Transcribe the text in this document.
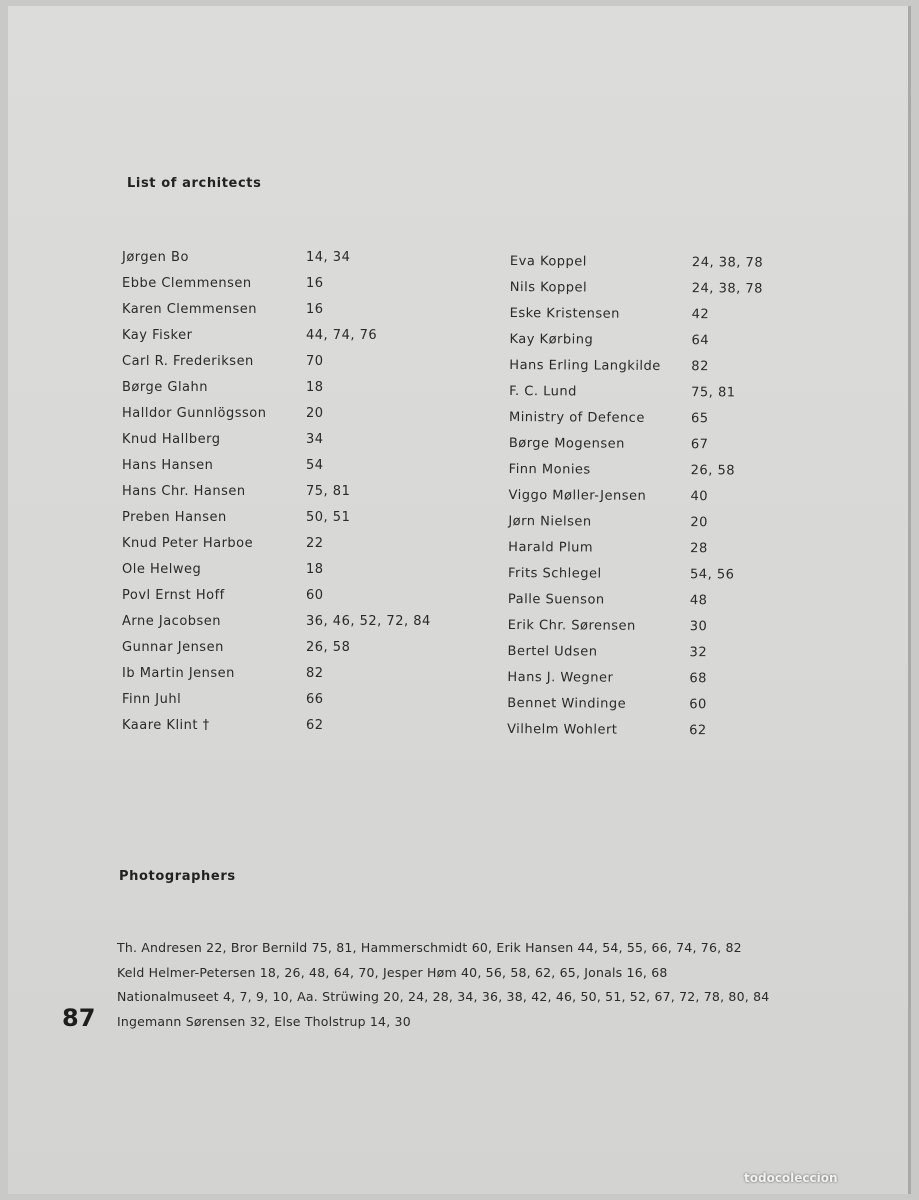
List of architects
Jørgen Bo	14, 34
Ebbe Clemmensen	16
Karen Clemmensen	16
Kay Fisker	44, 74, 76
Carl R. Frederiksen	70
Børge Glahn	18
Halldor Gunnlögsson	20
Knud Hallberg	34
Hans Hansen	54
Hans Chr. Hansen	75, 81
Preben Hansen	50, 51
Knud Peter Harboe	22
Ole Helweg	18
Povl Ernst Hoff	60
Arne Jacobsen	36, 46, 52, 72, 84
Gunnar Jensen	26, 58
Ib Martin Jensen	82
Finn Juhl	66
Kaare Klint †	62
Eva Koppel	24, 38, 78
Nils Koppel	24, 38, 78
Eske Kristensen	42
Kay Kørbing	64
Hans Erling Langkilde 82
F. C. Lund	75, 81
Ministry of Defence	65
Børge Mogensen	67
Finn Monies	26, 58
Viggo Møller-Jensen	40
Jørn Nielsen	20
Harald Plum	28
Frits Schlegel	54, 56
Palle Suenson	48
Erik Chr. Sørensen	30
Bertel Udsen	32
Hans J. Wegner	68
Bennet Windinge	60
Vilhelm Wohlert	62
Photographers
Th. Andresen 22, Bror Bernild 75, 81, Hammerschmidt 60, Erik Hansen 44, 54, 55, 66, 74, 76, 82
Keld Helmer-Petersen 18, 26, 48, 64, 70, Jesper Høm 40, 56, 58, 62, 65, Jonals 16, 68
Nationalmuseet 4, 7, 9, 10, Aa. Strüwing 20, 24, 28, 34, 36, 38, 42, 46, 50, 51, 52, 67, 72, 78, 80, 84
Ingemann Sørensen 32, Else Tholstrup 14, 30
87
todocoleccion
